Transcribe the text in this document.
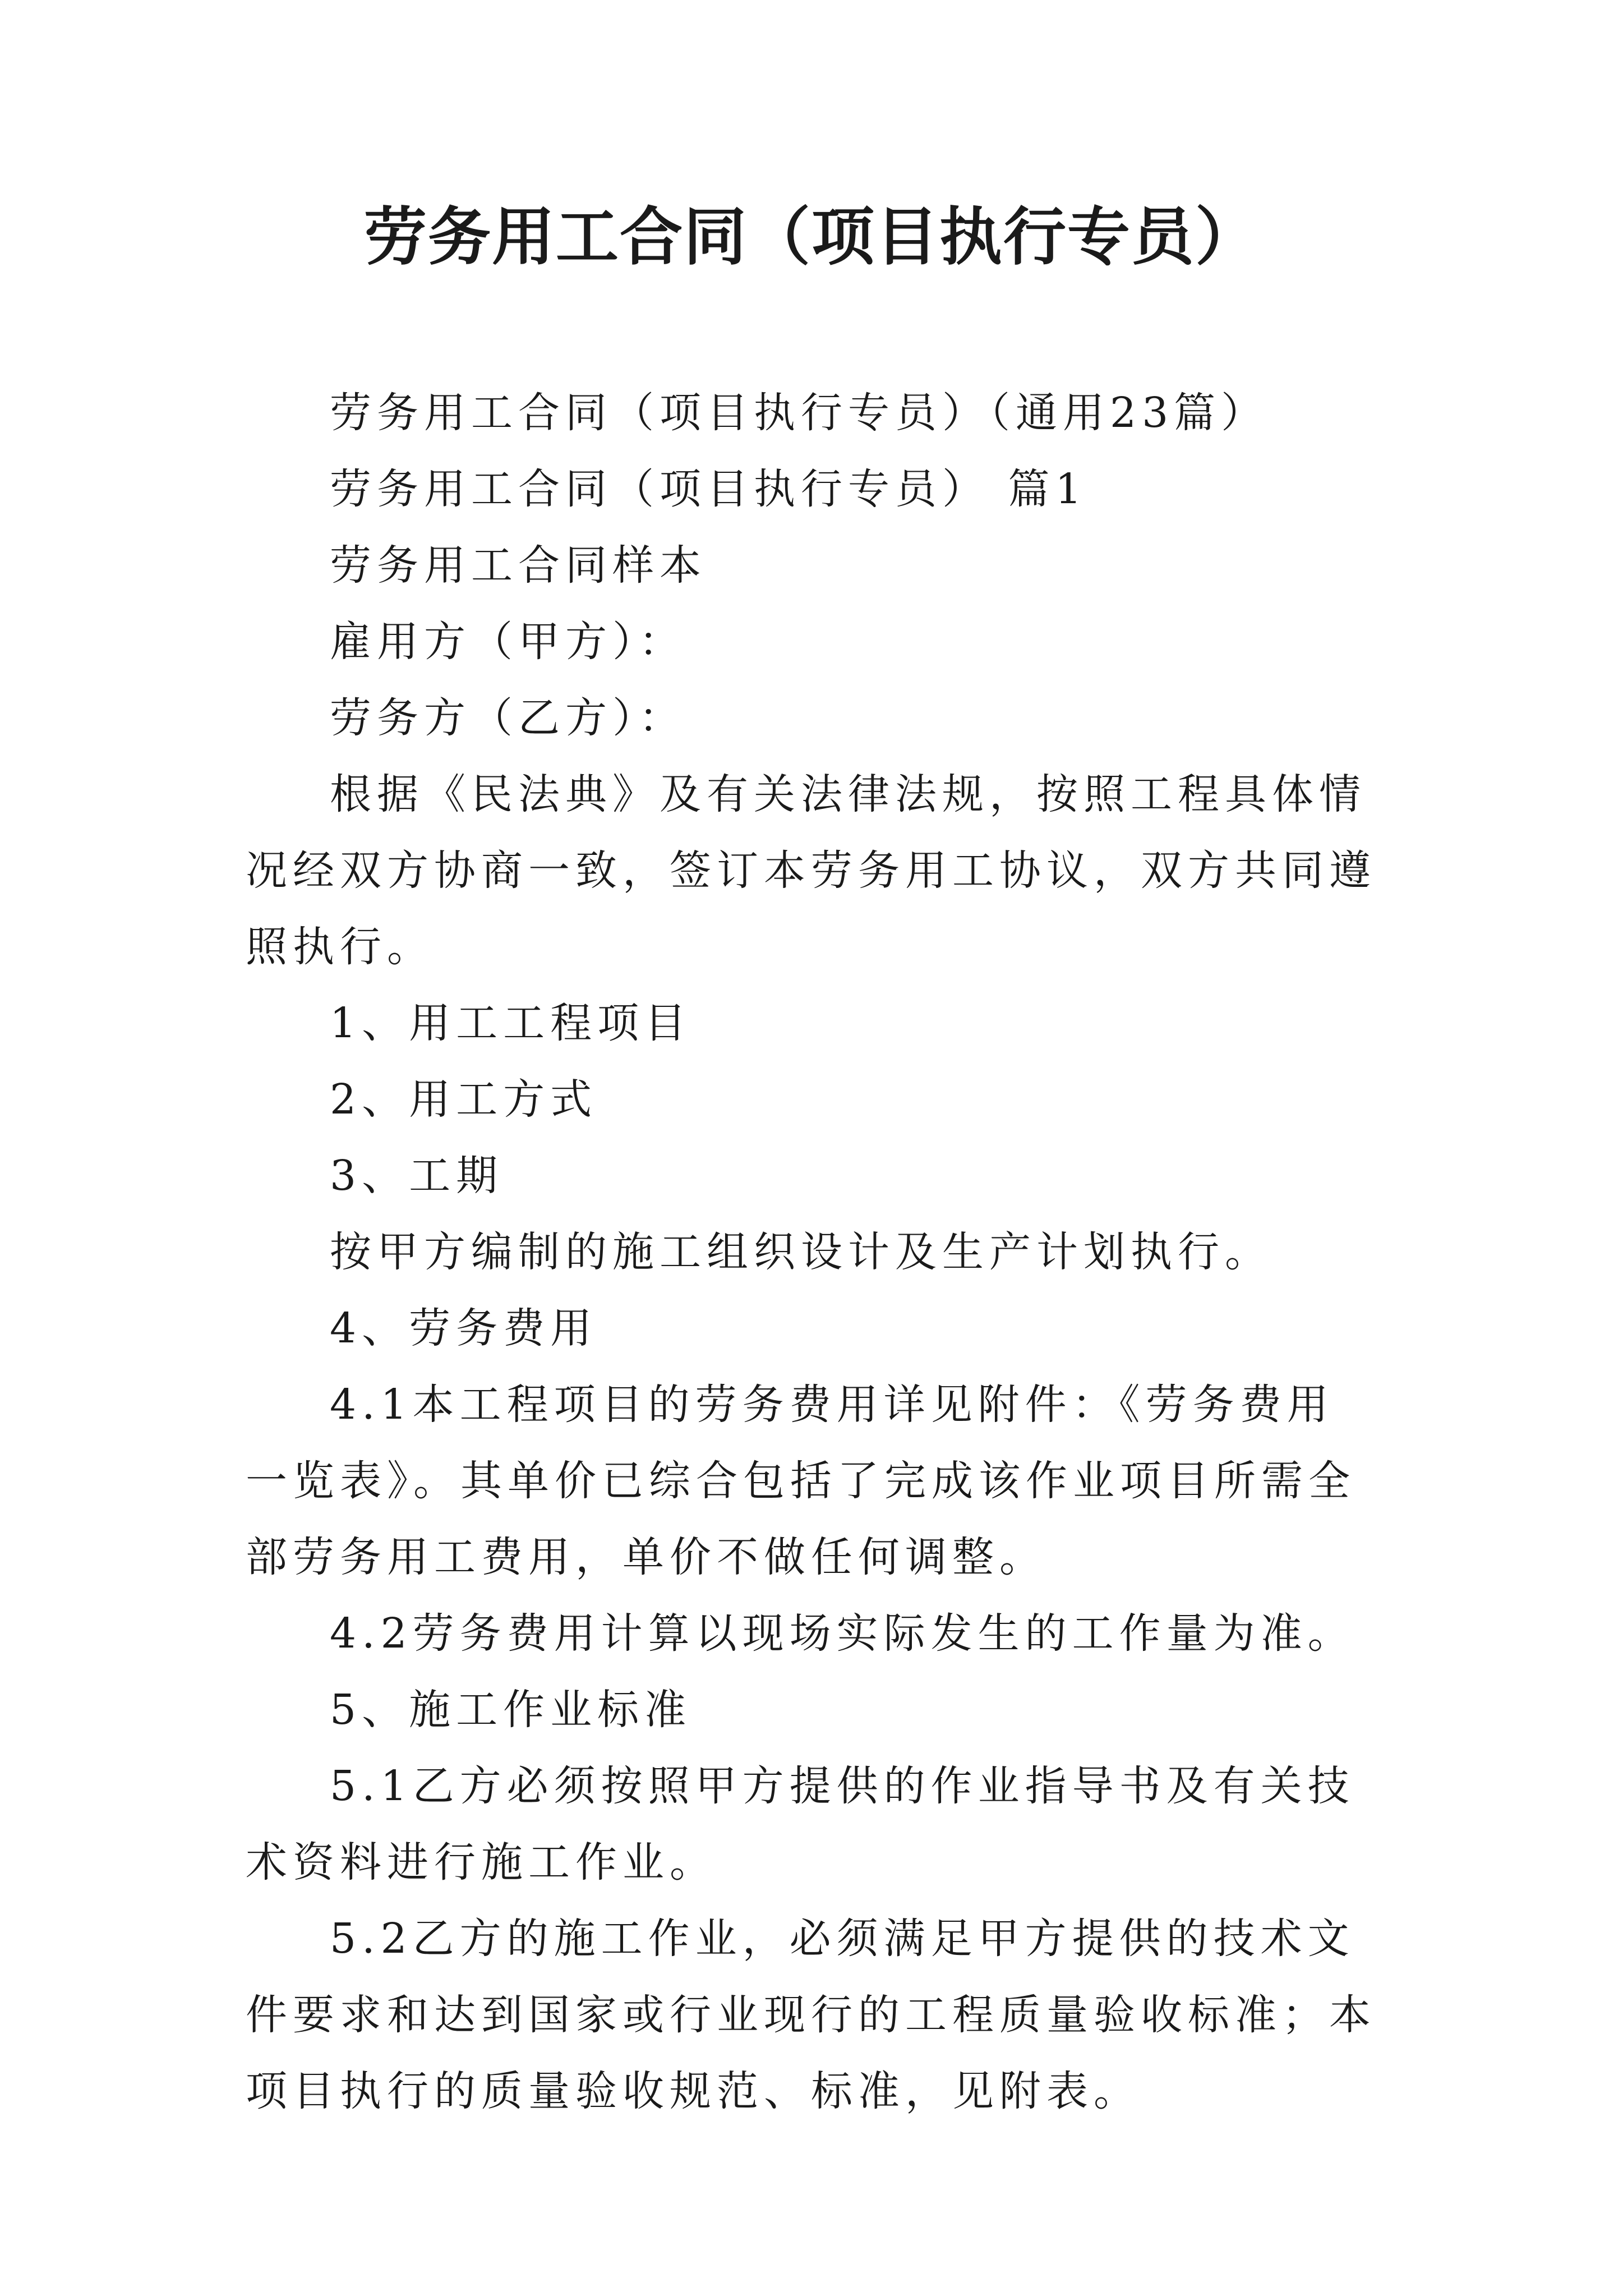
劳务用工合同（项目执行专员）

劳务用工合同（项目执行专员）（通用23篇）

劳务用工合同（项目执行专员） 篇1

劳务用工合同样本

雇用方（甲方）：

劳务方（乙方）：

根据《民法典》及有关法律法规，按照工程具体情况经双方协商一致，签订本劳务用工协议，双方共同遵照执行。

1、用工工程项目

2、用工方式

3、工期

按甲方编制的施工组织设计及生产计划执行。

4、劳务费用

4.1本工程项目的劳务费用详见附件：《劳务费用一览表》。其单价已综合包括了完成该作业项目所需全部劳务用工费用，单价不做任何调整。

4.2劳务费用计算以现场实际发生的工作量为准。

5、施工作业标准

5.1乙方必须按照甲方提供的作业指导书及有关技术资料进行施工作业。

5.2乙方的施工作业，必须满足甲方提供的技术文件要求和达到国家或行业现行的工程质量验收标准；本项目执行的质量验收规范、标准，见附表。
